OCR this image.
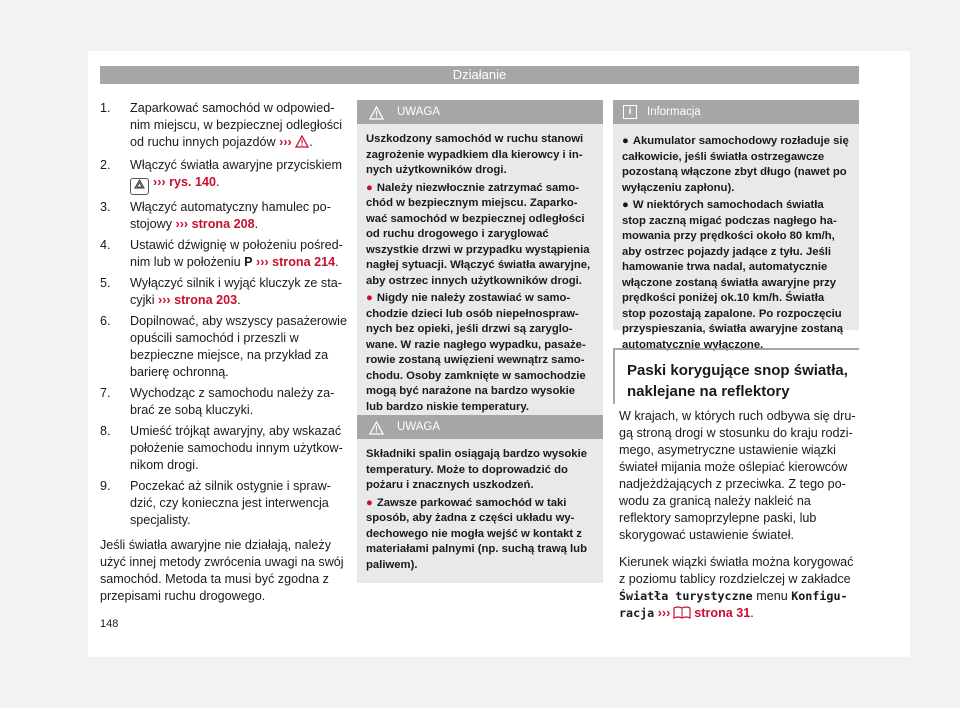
Działanie
1. Zaparkować samochód w odpowiednim miejscu, w bezpiecznej odległości od ruchu innych pojazdów ››› .
2. Włączyć światła awaryjne przyciskiem
››› rys. 140.
3. Włączyć automatyczny hamulec postojowy ››› strona 208.
4. Ustawić dźwignię w położeniu pośrednim lub w położeniu P ››› strona 214.
5. Wyłączyć silnik i wyjąć kluczyk ze stacyjki ››› strona 203.
6. Dopilnować, aby wszyscy pasażerowie opuścili samochód i przeszli w bezpieczne miejsce, na przykład za barierę ochronną.
7. Wychodząc z samochodu należy zabrać ze sobą kluczyki.
8. Umieść trójkąt awaryjny, aby wskazać położenie samochodu innym użytkownikom drogi.
9. Poczekać aż silnik ostygnie i sprawdzić, czy konieczna jest interwencja specjalisty.
Jeśli światła awaryjne nie działają, należy użyć innej metody zwrócenia uwagi na swój samochód. Metoda ta musi być zgodna z przepisami ruchu drogowego.
UWAGA
Uszkodzony samochód w ruchu stanowi zagrożenie wypadkiem dla kierowcy i innych użytkowników drogi.
● Należy niezwłocznie zatrzymać samochód w bezpiecznym miejscu. Zaparkować samochód w bezpiecznej odległości od ruchu drogowego i zaryglować wszystkie drzwi w przypadku wystąpienia nagłej sytuacji. Włączyć światła awaryjne, aby ostrzec innych użytkowników drogi.
● Nigdy nie należy zostawiać w samochodzie dzieci lub osób niepełnosprawnych bez opieki, jeśli drzwi są zaryglowane. W razie nagłego wypadku, pasażerowie zostaną uwięzieni wewnątrz samochodu. Osoby zamknięte w samochodzie mogą być narażone na bardzo wysokie lub bardzo niskie temperatury.
UWAGA
Składniki spalin osiągają bardzo wysokie temperatury. Może to doprowadzić do pożaru i znacznych uszkodzeń.
● Zawsze parkować samochód w taki sposób, aby żadna z części układu wydechowego nie mogła wejść w kontakt z materiałami palnymi (np. suchą trawą lub paliwem).
i	Informacja
● Akumulator samochodowy rozładuje się całkowicie, jeśli światła ostrzegawcze pozostaną włączone zbyt długo (nawet po wyłączeniu zapłonu).
● W niektórych samochodach światła stop zaczną migać podczas nagłego hamowania przy prędkości około 80 km/h, aby ostrzec pojazdy jadące z tyłu. Jeśli hamowanie trwa nadal, automatycznie włączone zostaną światła awaryjne przy prędkości poniżej ok.10 km/h. Światła stop pozostają zapalone. Po rozpoczęciu przyspieszania, światła awaryjne zostaną automatycznie wyłączone.
Paski korygujące snop światła, naklejane na reflektory

W krajach, w których ruch odbywa się drugą stroną drogi w stosunku do kraju rodzimego, asymetryczne ustawienie wiązki świateł mijania może oślepiać kierowców nadjeżdżających z przeciwka. Z tego powodu za granicą należy nakleić na reflektory samoprzylepne paski, lub skorygować ustawienie świateł.

Kierunek wiązki światła można korygować z poziomu tablicy rozdzielczej w zakładce Światła turystyczne menu Konfiguracja ››› strona 31.

148
